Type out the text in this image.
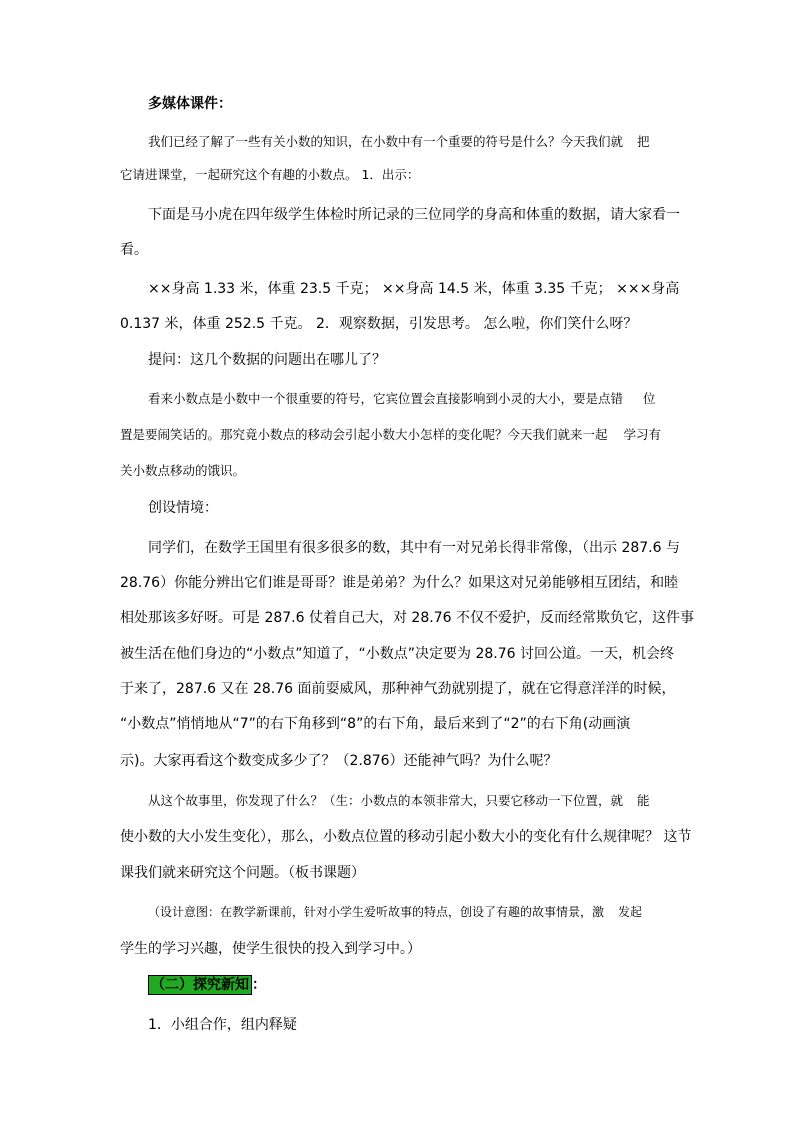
多媒体课件：
我们已经了解了一些有关小数的知识，在小数中有一个重要的符号是什么？今天我们就 把
它请进课堂，一起研究这个有趣的小数点。 1．出示：
下面是马小虎在四年级学生体检时所记录的三位同学的身高和体重的数据，请大家看一
看。
××身高 1.33 米，体重 23.5 千克； ××身高 14.5 米，体重 3.35 千克； ×××身高
0.137 米，体重 252.5 千克。 2．观察数据，引发思考。 怎么啦，你们笑什么呀？
提问：这几个数据的问题出在哪儿了？
看来小数点是小数中一个很重要的符号，它宾位置会直接影响到小灵的大小，要是点错 位
置是要闹笑话的。那究竟小数点的移动会引起小数大小怎样的变化呢？今天我们就来一起 学习有
关小数点移动的饿识。
创设情境：
同学们，在数学王国里有很多很多的数，其中有一对兄弟长得非常像，（出示 287.6 与
28.76）你能分辨出它们谁是哥哥？谁是弟弟？为什么？如果这对兄弟能够相互团结，和睦
相处那该多好呀。可是 287.6 仗着自己大，对 28.76 不仅不爱护，反而经常欺负它，这件事
被生活在他们身边的“小数点”知道了，“小数点”决定要为 28.76 讨回公道。一天，机会终
于来了，287.6 又在 28.76 面前耍威风，那种神气劲就别提了，就在它得意洋洋的时候，
“小数点”悄悄地从“7”的右下角移到“8”的右下角，最后来到了“2”的右下角(动画演
示)。大家再看这个数变成多少了？（2.876）还能神气吗？为什么呢？
从这个故事里，你发现了什么？（生：小数点的本领非常大，只要它移动一下位置，就 能
使小数的大小发生变化），那么，小数点位置的移动引起小数大小的变化有什么规律呢？ 这节
课我们就来研究这个问题。（板书课题）
（设计意图：在教学新课前，针对小学生爱听故事的特点，创设了有趣的故事情景，激 发起
学生的学习兴趣，使学生很快的投入到学习中。）
（二）探究新知 ：
1．小组合作，组内释疑
